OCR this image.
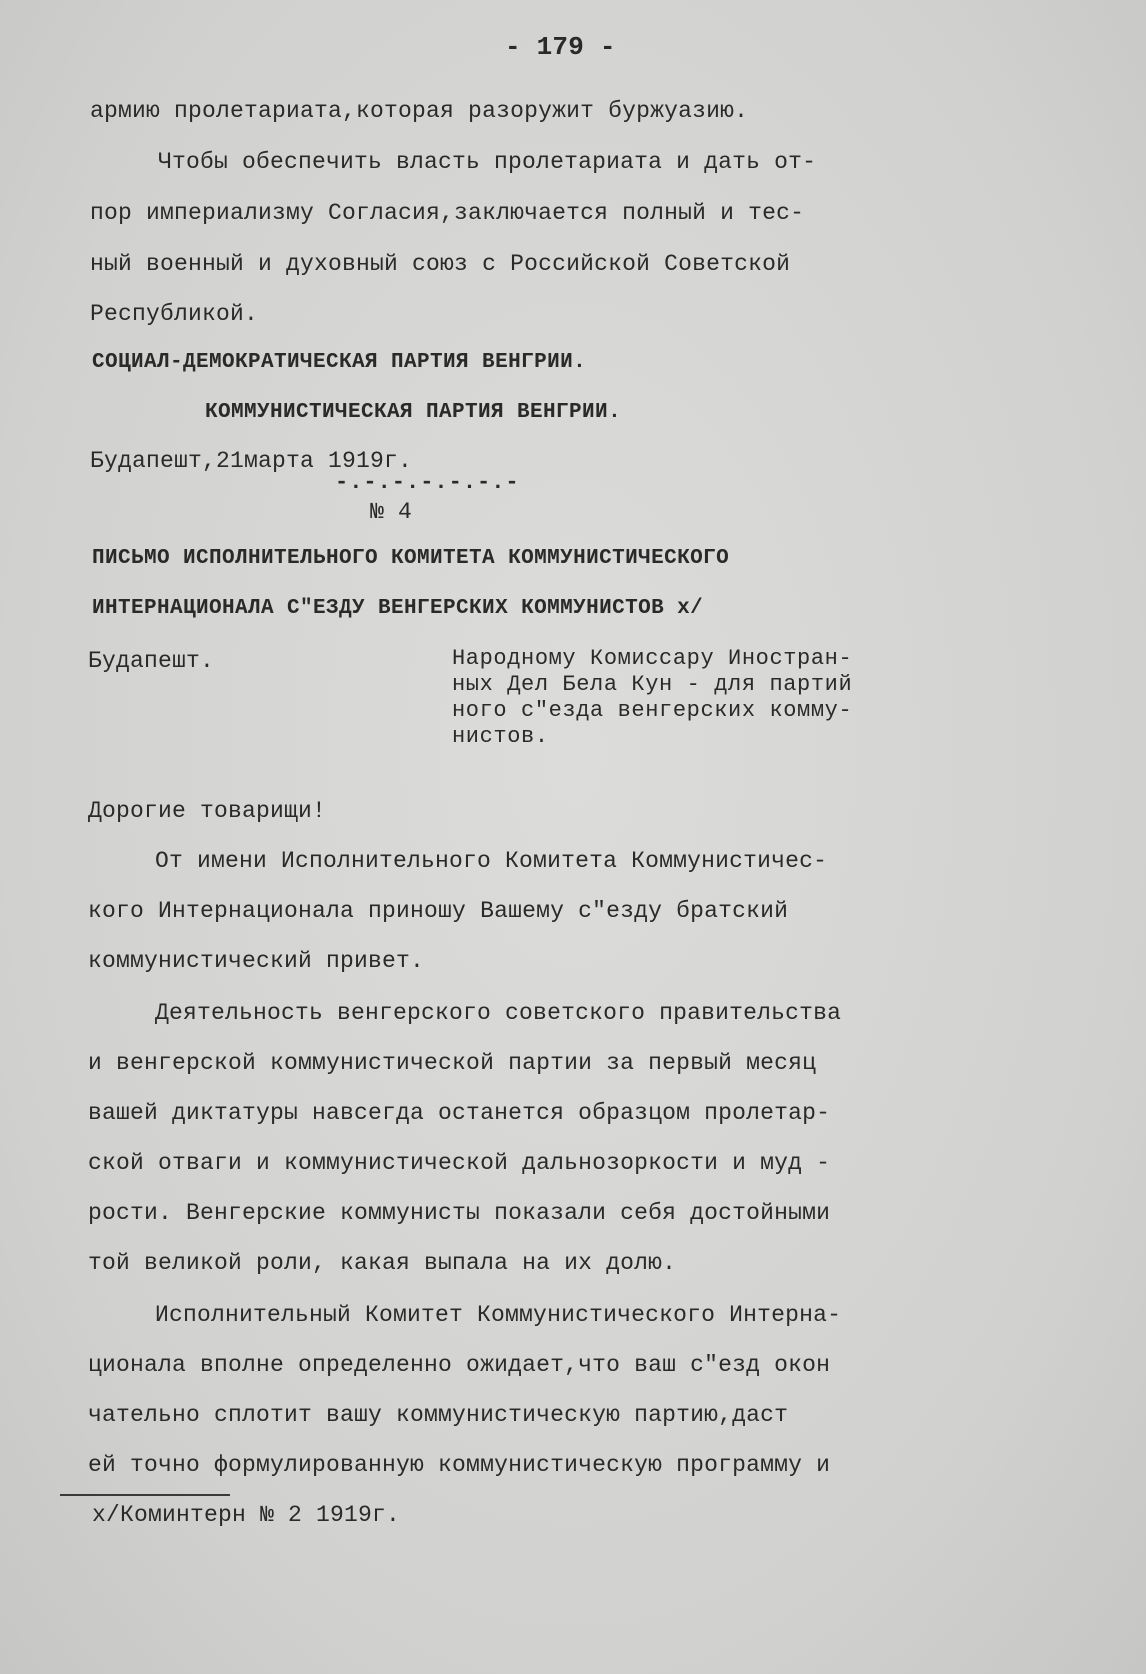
- 179 -
армию пролетариата,которая разоружит буржуазию.
Чтобы обеспечить власть пролетариата и дать от-
пор империализму Согласия,заключается полный и тес-
ный военный и духовный союз с Российской Советской
Республикой.
СОЦИАЛ-ДЕМОКРАТИЧЕСКАЯ ПАРТИЯ ВЕНГРИИ.
КОММУНИСТИЧЕСКАЯ ПАРТИЯ ВЕНГРИИ.
Будапешт,21марта 1919г.
-.-.-.-.-.-.-
№ 4
ПИСЬМО ИСПОЛНИТЕЛЬНОГО КОМИТЕТА КОММУНИСТИЧЕСКОГО
ИНТЕРНАЦИОНАЛА С"ЕЗДУ ВЕНГЕРСКИХ КОММУНИСТОВ х/
Будапешт.	Народному Комиссару Иностран-
ных Дел Бела Кун - для партий
ного с"езда венгерских комму-
нистов.
Дорогие товарищи!
От имени Исполнительного Комитета Коммунистичес-
кого Интернационала приношу Вашему с"езду братский
коммунистический привет.
Деятельность венгерского советского правительства
и венгерской коммунистической партии за первый месяц
вашей диктатуры навсегда останется образцом пролетар-
ской отваги и коммунистической дальнозоркости и муд -
рости. Венгерские коммунисты показали себя достойными
той великой роли, какая выпала на их долю.
Исполнительный Комитет Коммунистического Интерна-
ционала вполне определенно ожидает,что ваш с"езд окон
чательно сплотит вашу коммунистическую партию,даст
ей точно формулированную коммунистическую программу и
х/Коминтерн № 2 1919г.
